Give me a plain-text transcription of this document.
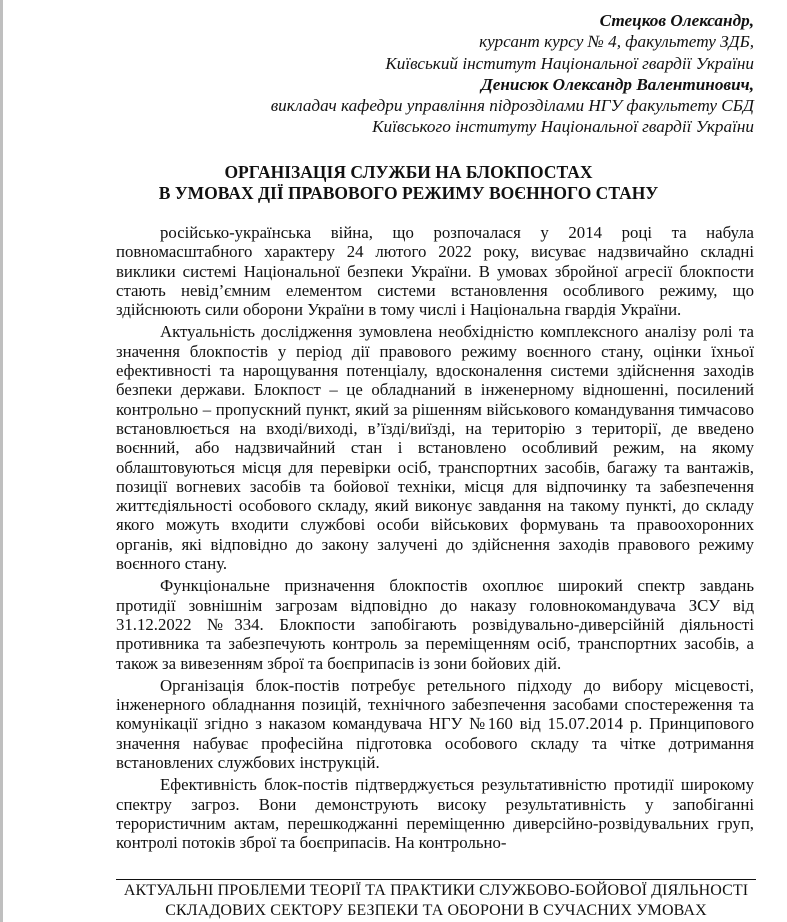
Стецков Олександр,
курсант курсу № 4, факультету ЗДБ,
Київський інститут Національної гвардії України
Денисюк Олександр Валентинович,
викладач кафедри управління підрозділами НГУ факультету СБД
Київського інституту Національної гвардії України
ОРГАНІЗАЦІЯ СЛУЖБИ НА БЛОКПОСТАХ
В УМОВАХ ДІЇ ПРАВОВОГО РЕЖИМУ ВОЄННОГО СТАНУ

російсько-українська війна, що розпочалася у 2014 році та набула повномасштабного характеру 24 лютого 2022 року, висуває надзвичайно складні виклики системі Національної безпеки України. В умовах збройної агресії блокпости стають невід’ємним елементом системи встановлення особливого режиму, що здійснюють сили оборони України в тому числі і Національна гвардія України.

Актуальність дослідження зумовлена необхідністю комплексного аналізу ролі та значення блокпостів у період дії правового режиму воєнного стану, оцінки їхньої ефективності та нарощування потенціалу, вдосконалення системи здійснення заходів безпеки держави. Блокпост – це обладнаний в інженерному відношенні, посилений контрольно – пропускний пункт, який за рішенням військового командування тимчасово встановлюється на вході/виході, в’їзді/виїзді, на територію з території, де введено воєнний, або надзвичайний стан і встановлено особливий режим, на якому облаштовуються місця для перевірки осіб, транспортних засобів, багажу та вантажів, позиції вогневих засобів та бойової техніки, місця для відпочинку та забезпечення життєдіяльності особового складу, який виконує завдання на такому пункті, до складу якого можуть входити службові особи військових формувань та правоохоронних органів, які відповідно до закону залучені до здійснення заходів правового режиму воєнного стану.

Функціональне призначення блокпостів охоплює широкий спектр завдань протидії зовнішнім загрозам відповідно до наказу головнокомандувача ЗСУ від 31.12.2022 №334. Блокпости запобігають розвідувально-диверсійній діяльності противника та забезпечують контроль за переміщенням осіб, транспортних засобів, а також за вивезенням зброї та боєприпасів із зони бойових дій.

Організація блок-постів потребує ретельного підходу до вибору місцевості, інженерного обладнання позицій, технічного забезпечення засобами спостереження та комунікації згідно з наказом командувача НГУ №160 від 15.07.2014 р. Принципового значення набуває професійна підготовка особового складу та чітке дотримання встановлених службових інструкцій.

Ефективність блок-постів підтверджується результативністю протидії широкому спектру загроз. Вони демонструють високу результативність у запобіганні терористичним актам, перешкоджанні переміщенню диверсійно-розвідувальних груп, контролі потоків зброї та боєприпасів. На контрольно-

АКТУАЛЬНІ ПРОБЛЕМИ ТЕОРІЇ ТА ПРАКТИКИ СЛУЖБОВО-БОЙОВОЇ ДІЯЛЬНОСТІ
СКЛАДОВИХ СЕКТОРУ БЕЗПЕКИ ТА ОБОРОНИ В СУЧАСНИХ УМОВАХ
